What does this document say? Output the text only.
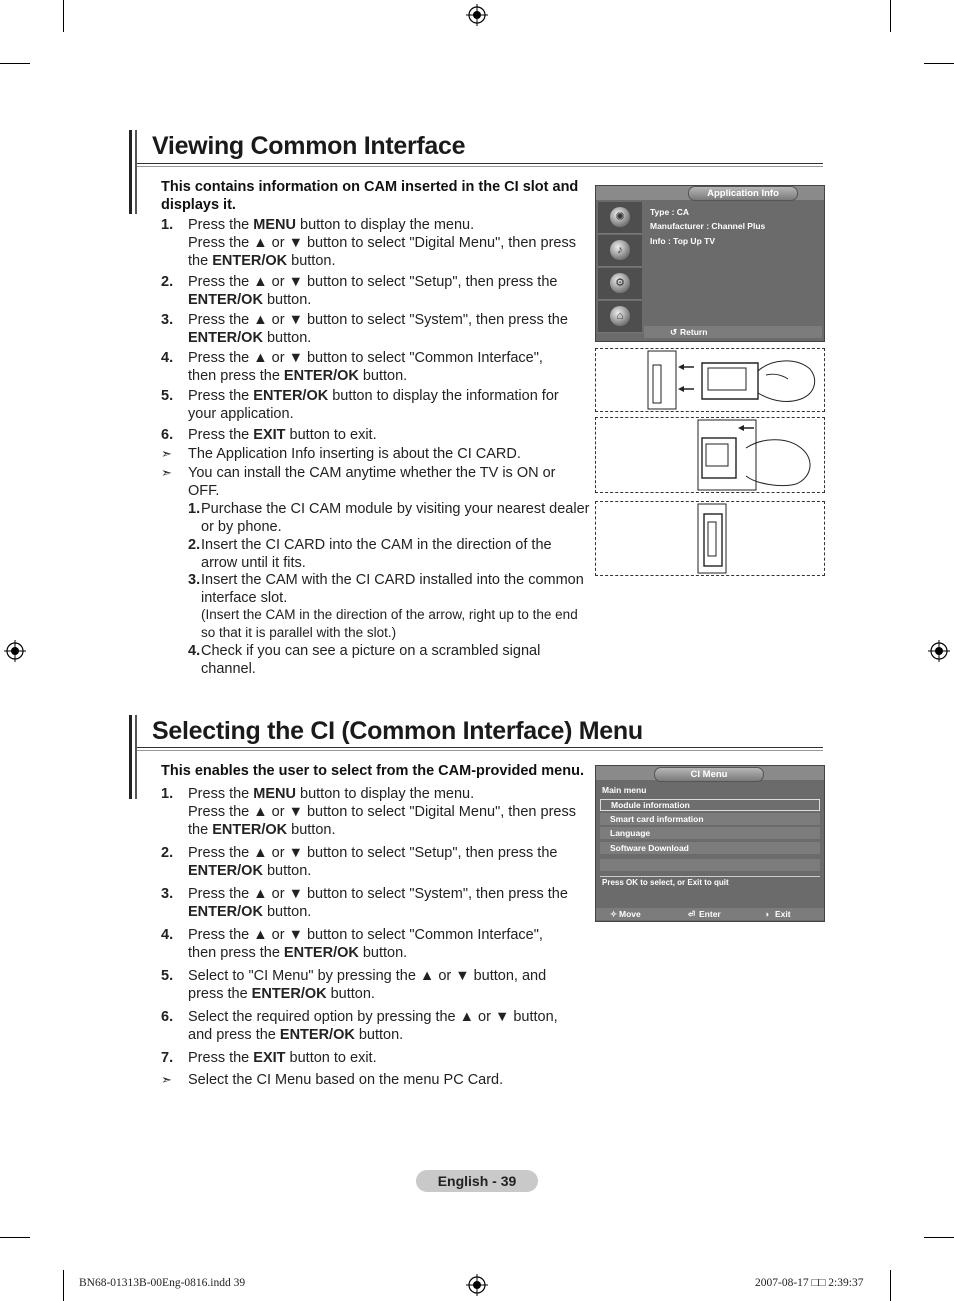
Viewing Common Interface
This contains information on CAM inserted in the CI slot and
displays it.
1. Press the MENU button to display the menu.
Press the ▲ or ▼ button to select "Digital Menu", then press
the ENTER/OK button.
2. Press the ▲ or ▼ button to select "Setup", then press the
ENTER/OK button.
3. Press the ▲ or ▼ button to select "System", then press the
ENTER/OK button.
4. Press the ▲ or ▼ button to select "Common Interface",
then press the ENTER/OK button.
5. Press the ENTER/OK button to display the information for
your application.
6. Press the EXIT button to exit.
➣ The Application Info inserting is about the CI CARD.
➣ You can install the CAM anytime whether the TV is ON or
OFF.
1. Purchase the CI CAM module by visiting your nearest dealer
or by phone.
2. Insert the CI CARD into the CAM in the direction of the
arrow until it fits.
3. Insert the CAM with the CI CARD installed into the common
interface slot.
(Insert the CAM in the direction of the arrow, right up to the end
so that it is parallel with the slot.)
4. Check if you can see a picture on a scrambled signal
channel.
Application Info
✺
♪
⚙
⌂
Type : CA
Manufacturer : Channel Plus
Info : Top Up TV
↺ Return
Selecting the CI (Common Interface) Menu
This enables the user to select from the CAM-provided menu.
1. Press the MENU button to display the menu.
Press the ▲ or ▼ button to select "Digital Menu", then press
the ENTER/OK button.
2. Press the ▲ or ▼ button to select "Setup", then press the
ENTER/OK button.
3. Press the ▲ or ▼ button to select "System", then press the
ENTER/OK button.
4. Press the ▲ or ▼ button to select "Common Interface",
then press the ENTER/OK button.
5. Select to "CI Menu" by pressing the ▲ or ▼ button, and
press the ENTER/OK button.
6. Select the required option by pressing the ▲ or ▼ button,
and press the ENTER/OK button.
7. Press the EXIT button to exit.
➣ Select the CI Menu based on the menu PC Card.
CI Menu
Main menu
Module information
Smart card information
Language
Software Download
Press OK to select, or Exit to quit
✧ Move	⏎ Enter	◑ Exit
English - 39
BN68-01313B-00Eng-0816.indd 39	2007-08-17 □□ 2:39:37
